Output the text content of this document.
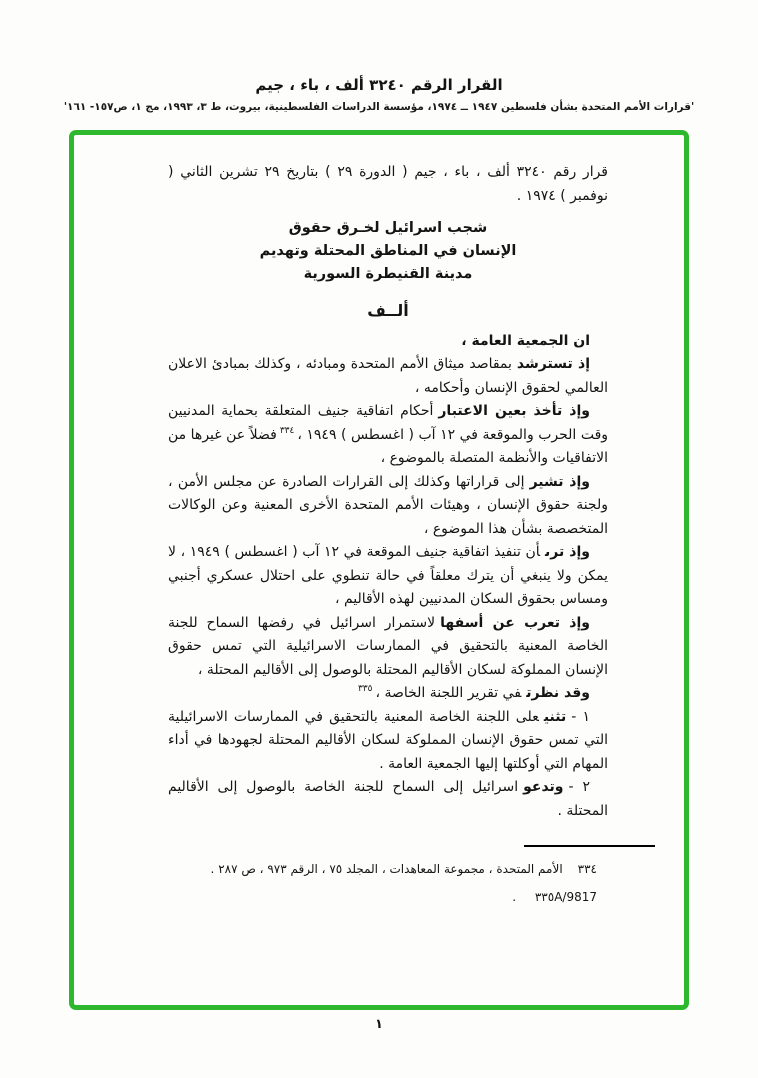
القرار الرقم ٣٢٤٠ ألف ، باء ، جيم
'قرارات الأمم المتحدة بشأن فلسطين ١٩٤٧ ــ ١٩٧٤، مؤسسة الدراسات الفلسطينية، بيروت، ط ٣، ١٩٩٣، مج ١، ص١٥٧- ١٦١'

قرار رقم ٣٢٤٠ ألف ، باء ، جيم ( الدورة ٢٩ ) بتاريخ ٢٩ تشرين الثاني ( نوفمبر ) ١٩٧٤ .

شجب اسرائيل لخـرق حقوق
الإنسان في المناطق المحتلة وتهديم
مدينة القنيطرة السورية
ألــف

ان الجمعية العامة ،

إذ تسترشدبمقاصد ميثاق الأمم المتحدة ومبادئه ، وكذلك بمبادئ الاعلان العالمي لحقوق الإنسان وأحكامه ،

وإذ تأخذ بعين الاعتبارأحكام اتفاقية جنيف المتعلقة بحماية المدنيين وقت الحرب والموقعة في ١٢ آب ( اغسطس ) ١٩٤٩ ،$^{٣٣٤}$فضلاً عن غيرها من الاتفاقيات والأنظمة المتصلة بالموضوع ،

وإذ تشيرإلى قراراتها وكذلك إلى القرارات الصادرة عن مجلس الأمن ، ولجنة حقوق الإنسان ، وهيئات الأمم المتحدة الأخرى المعنية وعن الوكالات المتخصصة بشأن هذا الموضوع ،

وإذ ترىأن تنفيذ اتفاقية جنيف الموقعة في ١٢ آب ( اغسطس ) ١٩٤٩ ، لا يمكن ولا ينبغي أن يترك معلقاً في حالة تنطوي على احتلال عسكري أجنبي ومساس بحقوق السكان المدنيين لهذه الأقاليم ،

وإذ تعرب عن أسفهالاستمرار اسرائيل في رفضها السماح للجنة الخاصة المعنية بالتحقيق في الممارسات الاسرائيلية التي تمس حقوق الإنسان المملوكة لسكان الأقاليم المحتلة بالوصول إلى الأقاليم المحتلة ،

وقد نظرتفي تقرير اللجنة الخاصة ،$^{٣٣٥}$

١ -تثنيعلى اللجنة الخاصة المعنية بالتحقيق في الممارسات الاسرائيلية التي تمس حقوق الإنسان المملوكة لسكان الأقاليم المحتلة لجهودها في أداء المهام التي أوكلتها إليها الجمعية العامة .

٢ -وتدعواسرائيل إلى السماح للجنة الخاصة بالوصول إلى الأقاليم المحتلة .

٣٣٤الأمم المتحدة ، مجموعة المعاهدات ، المجلد ٧٥ ، الرقم ٩٧٣ ، ص ٢٨٧ .
٣٣٥A/9817 .
١
